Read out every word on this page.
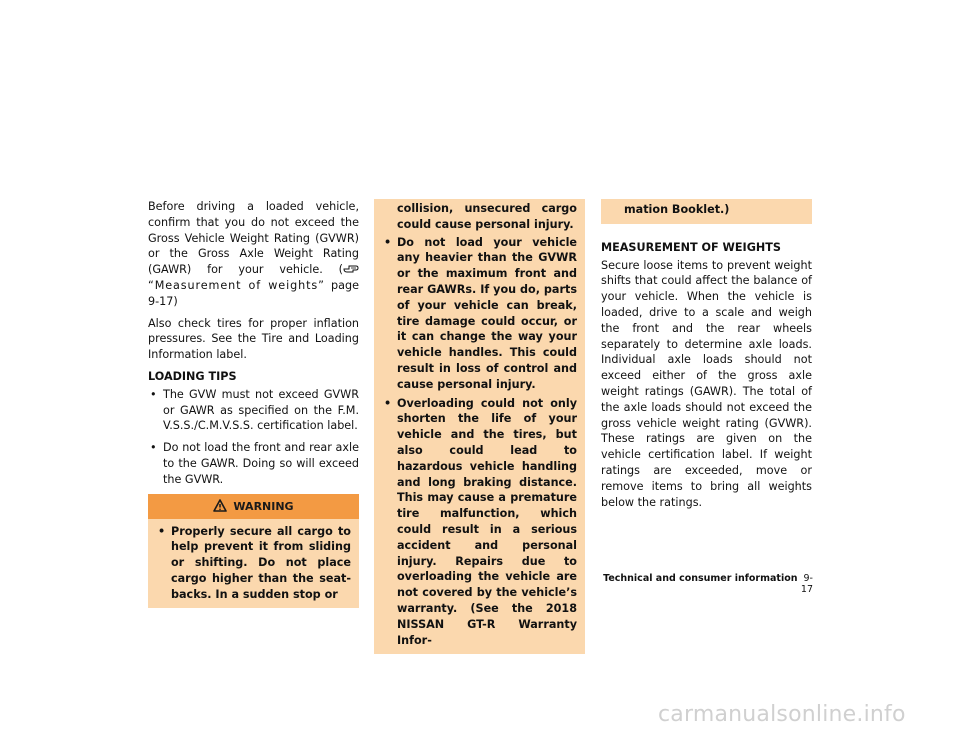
Before driving a loaded vehicle, confirm that you do not exceed the Gross Vehicle Weight Rating (GVWR) or the Gross Axle Weight Rating (GAWR) for your vehicle. (“Measurement of weights” page 9-17)

Also check tires for proper inflation pressures. See the Tire and Loading Information label.

LOADING TIPS

• The GVW must not exceed GVWR or GAWR as specified on the F.M. V.S.S./C.M.V.S.S. certification label.
• Do not load the front and rear axle to the GAWR. Doing so will exceed the GVWR.
WARNING
• Properly secure all cargo to help prevent it from sliding or shifting. Do not place cargo higher than the seat-backs. In a sudden stop or

collision, unsecured cargo could cause personal injury.

• Do not load your vehicle any heavier than the GVWR or the maximum front and rear GAWRs. If you do, parts of your vehicle can break, tire damage could occur, or it can change the way your vehicle handles. This could result in loss of control and cause personal injury.
• Overloading could not only shorten the life of your vehicle and the tires, but also could lead to hazardous vehicle handling and long braking distance. This may cause a premature tire malfunction, which could result in a serious accident and personal injury. Repairs due to overloading the vehicle are not covered by the vehicle’s warranty. (See the 2018 NISSAN GT-R Warranty Infor-

mation Booklet.)

MEASUREMENT OF WEIGHTS

Secure loose items to prevent weight shifts that could affect the balance of your vehicle. When the vehicle is loaded, drive to a scale and weigh the front and the rear wheels separately to determine axle loads. Individual axle loads should not exceed either of the gross axle weight ratings (GAWR). The total of the axle loads should not exceed the gross vehicle weight rating (GVWR). These ratings are given on the vehicle certification label. If weight ratings are exceeded, move or remove items to bring all weights below the ratings.

Technical and consumer information 9-17
carmanualsonline.info
